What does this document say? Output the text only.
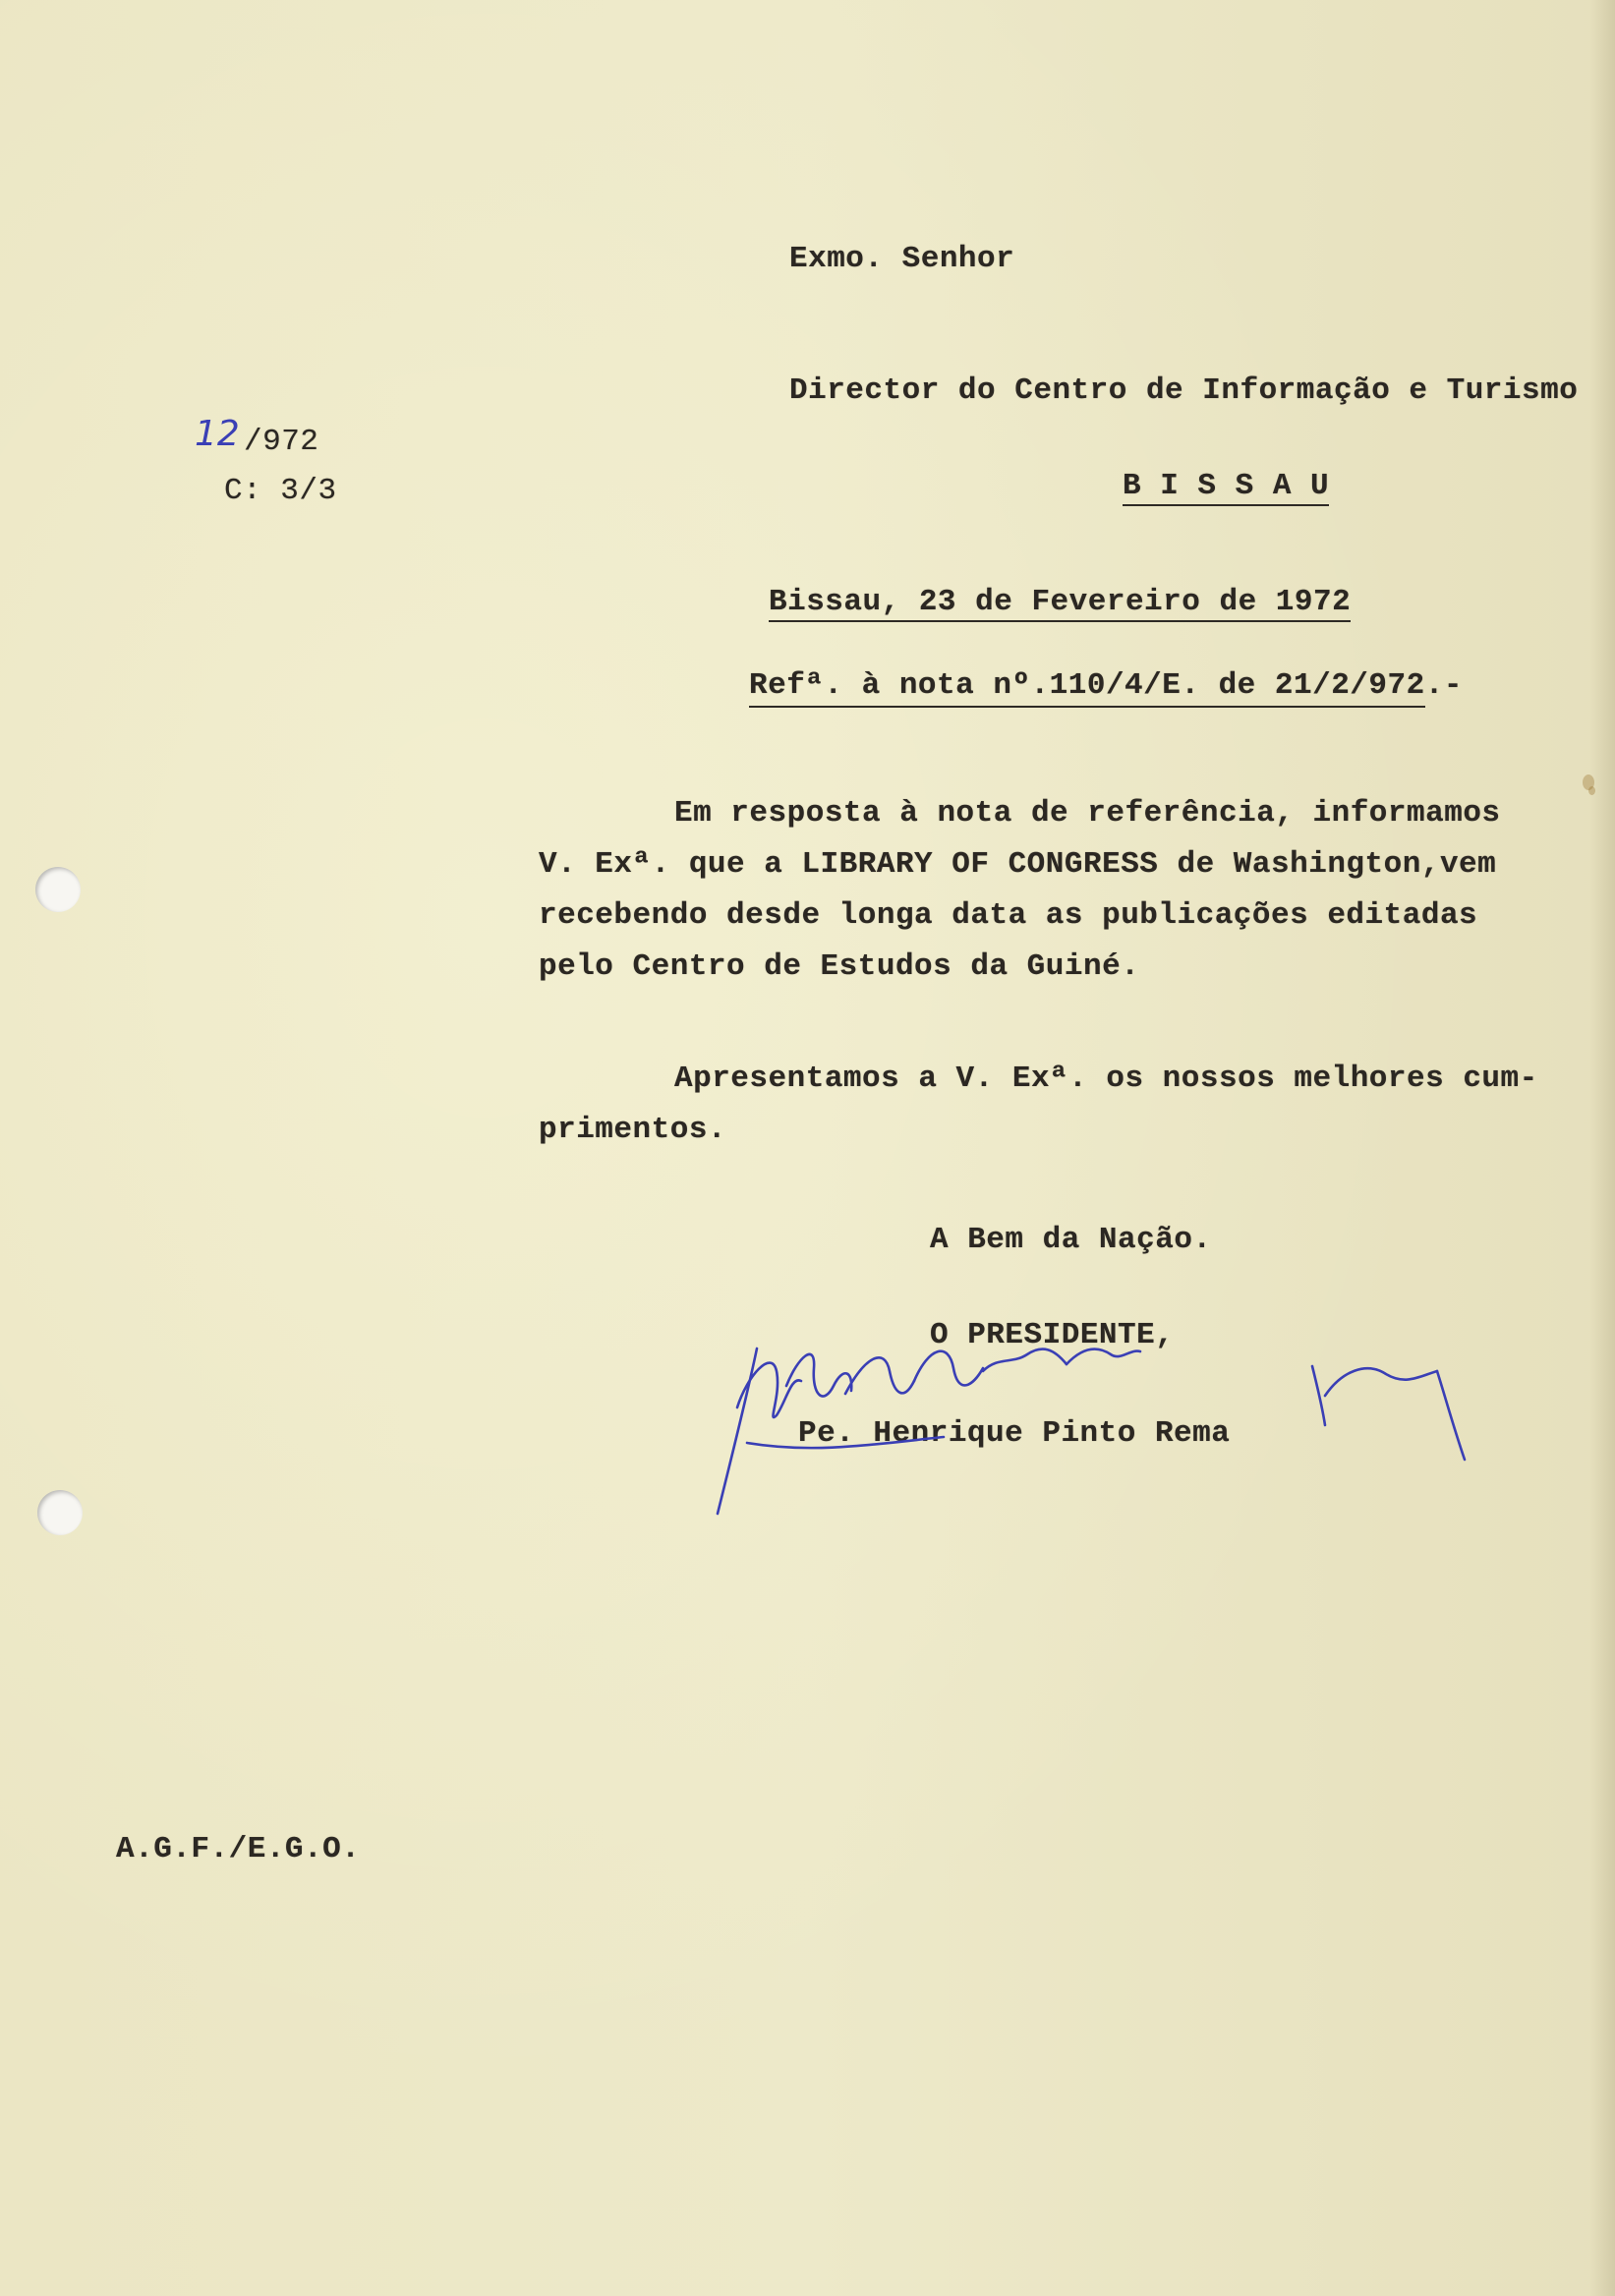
12 /972
C: 3/3
Exmo. Senhor
Director do Centro de Informação e Turismo
B I S S A U
Bissau, 23 de Fevereiro de 1972
Refª. à nota nº.110/4/E. de 21/2/972.-
Em resposta à nota de referência, informamos
V. Exª. que a LIBRARY OF CONGRESS de Washington,vem
recebendo desde longa data as publicações editadas
pelo Centro de Estudos da Guiné.
Apresentamos a V. Exª. os nossos melhores cum-
primentos.
A Bem da Nação.
O PRESIDENTE,
Pe. Henrique Pinto Rema
A.G.F./E.G.O.
